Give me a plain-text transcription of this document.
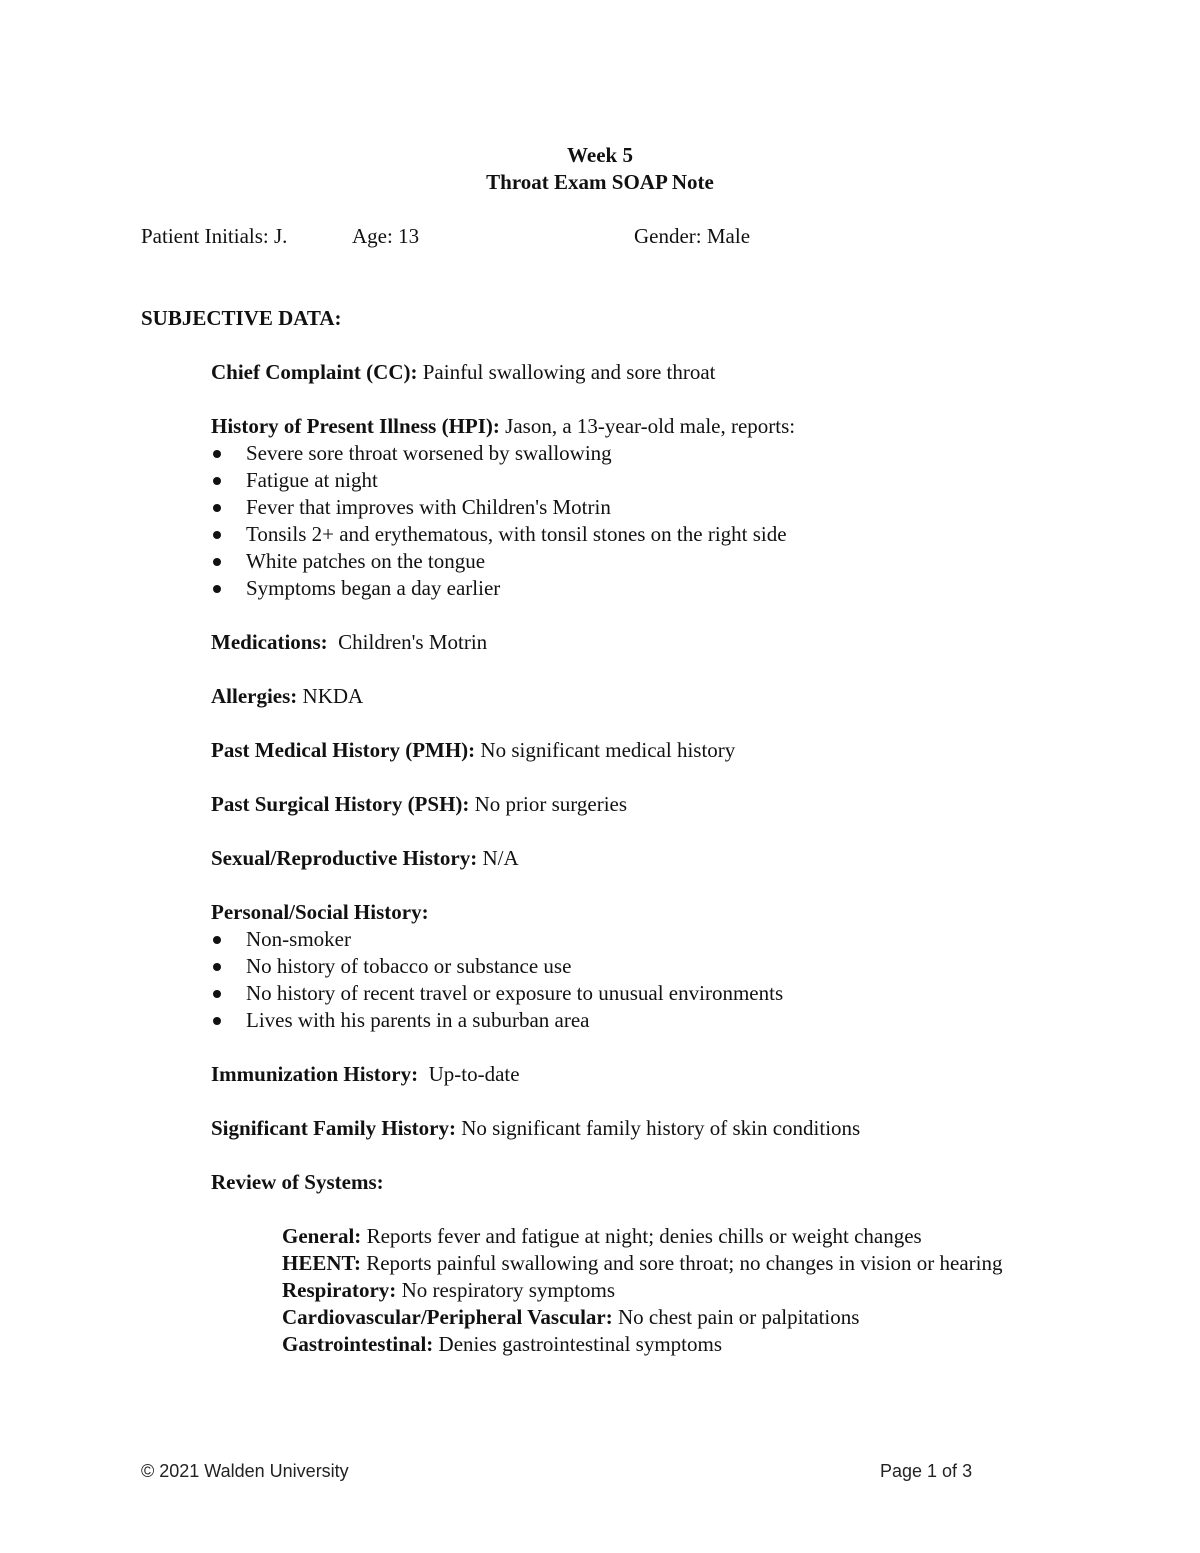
Week 5
Throat Exam SOAP Note
Patient Initials: J.	Age: 13	Gender: Male
SUBJECTIVE DATA:

Chief Complaint (CC): Painful swallowing and sore throat

History of Present Illness (HPI): Jason, a 13-year-old male, reports:
Severe sore throat worsened by swallowing
Fatigue at night
Fever that improves with Children's Motrin
Tonsils 2+ and erythematous, with tonsil stones on the right side
White patches on the tongue
Symptoms began a day earlier

Medications:  Children's Motrin

Allergies: NKDA

Past Medical History (PMH): No significant medical history

Past Surgical History (PSH): No prior surgeries

Sexual/Reproductive History: N/A

Personal/Social History:
Non-smoker
No history of tobacco or substance use
No history of recent travel or exposure to unusual environments
Lives with his parents in a suburban area

Immunization History:  Up-to-date

Significant Family History: No significant family history of skin conditions

Review of Systems:

General: Reports fever and fatigue at night; denies chills or weight changes
HEENT: Reports painful swallowing and sore throat; no changes in vision or hearing
Respiratory: No respiratory symptoms
Cardiovascular/Peripheral Vascular: No chest pain or palpitations
Gastrointestinal: Denies gastrointestinal symptoms
© 2021 Walden University	Page 1 of 3
